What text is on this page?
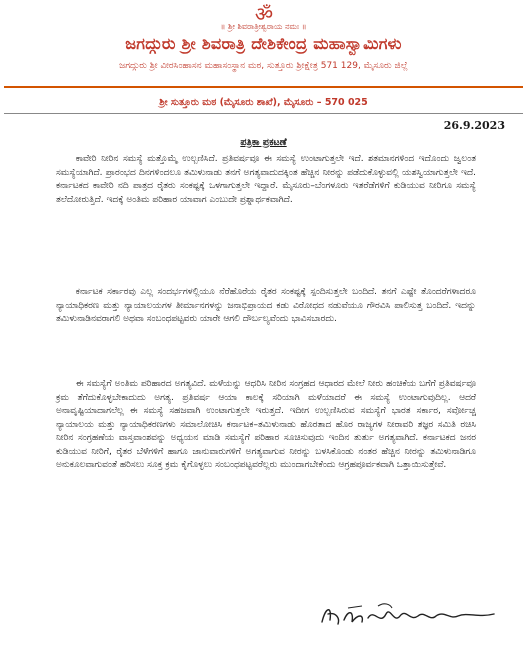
ॐ
॥ ಶ್ರೀ ಶಿವರಾತ್ರೀಶ್ವರಾಯ ನಮಃ ॥
ಜಗದ್ಗುರು ಶ್ರೀ ಶಿವರಾತ್ರಿ ದೇಶಿಕೇಂದ್ರ ಮಹಾಸ್ವಾಮಿಗಳು
ಜಗದ್ಗುರು ಶ್ರೀ ವೀರಸಿಂಹಾಸನ ಮಹಾಸಂಸ್ಥಾನ ಮಠ, ಸುತ್ತೂರು ಶ್ರೀಕ್ಷೇತ್ರ 571 129, ಮೈಸೂರು ಜಿಲ್ಲೆ
ಶ್ರೀ ಸುತ್ತೂರು ಮಠ (ಮೈಸೂರು ಶಾಖೆ), ಮೈಸೂರು – 570 025
26.9.2023
ಪತ್ರಿಕಾ ಪ್ರಕಟಣೆ

ಕಾವೇರಿ ನೀರಿನ ಸಮಸ್ಯೆ ಮತ್ತೊಮ್ಮೆ ಉಲ್ಬಣಿಸಿದೆ. ಪ್ರತಿವರ್ಷವೂ ಈ ಸಮಸ್ಯೆ ಉಂಟಾಗುತ್ತಲೇ ಇದೆ. ಶತಮಾನಗಳಿಂದ ಇದೊಂದು ಜ್ವಲಂತ ಸಮಸ್ಯೆಯಾಗಿದೆ. ಪ್ರಾರಂಭದ ದಿನಗಳಿಂದಲೂ ತಮಿಳುನಾಡು ತನಗೆ ಅಗತ್ಯವಾದುದಕ್ಕಿಂತ ಹೆಚ್ಚಿನ ನೀರನ್ನು ಪಡೆದುಕೊಳ್ಳುವಲ್ಲಿ ಯಶಸ್ವಿಯಾಗುತ್ತಲೇ ಇದೆ. ಕರ್ನಾಟಕದ ಕಾವೇರಿ ನದಿ ಪಾತ್ರದ ರೈತರು ಸಂಕಷ್ಟಕ್ಕೆ ಒಳಗಾಗುತ್ತಲೇ ಇದ್ದಾರೆ. ಮೈಸೂರು–ಬೆಂಗಳೂರು ಇತರೆಡೆಗಳಿಗೆ ಕುಡಿಯುವ ನೀರಿಗೂ ಸಮಸ್ಯೆ ತಲೆದೋರುತ್ತಿದೆ. ಇದಕ್ಕೆ ಅಂತಿಮ ಪರಿಹಾರ ಯಾವಾಗ ಎಂಬುದೇ ಪ್ರಶ್ನಾರ್ಥಕವಾಗಿದೆ.

ಕರ್ನಾಟಕ ಸರ್ಕಾರವು ಎಲ್ಲ ಸಂದರ್ಭಗಳಲ್ಲಿಯೂ ನೆರೆಹೊರೆಯ ರೈತರ ಸಂಕಷ್ಟಕ್ಕೆ ಸ್ಪಂದಿಸುತ್ತಲೇ ಬಂದಿದೆ. ತನಗೆ ಎಷ್ಟೇ ತೊಂದರೆಗಳಾದರೂ ನ್ಯಾಯಾಧಿಕರಣ ಮತ್ತು ನ್ಯಾಯಾಲಯಗಳ ತೀರ್ಮಾನಗಳನ್ನು ಜನಾಭಿಪ್ರಾಯದ ಕಡು ವಿರೋಧದ ನಡುವೆಯೂ ಗೌರವಿಸಿ ಪಾಲಿಸುತ್ತ ಬಂದಿದೆ. ಇದನ್ನು ತಮಿಳುನಾಡಿನವರಾಗಲಿ ಅಥವಾ ಸಂಬಂಧಪಟ್ಟವರು ಯಾರೇ ಆಗಲಿ ದೌರ್ಬಲ್ಯವೆಂದು ಭಾವಿಸಬಾರದು.

ಈ ಸಮಸ್ಯೆಗೆ ಅಂತಿಮ ಪರಿಹಾರದ ಅಗತ್ಯವಿದೆ. ಮಳೆಯನ್ನು ಆಧರಿಸಿ ನೀರಿನ ಸಂಗ್ರಹದ ಆಧಾರದ ಮೇಲೆ ನೀರು ಹಂಚಿಕೆಯ ಬಗೆಗೆ ಪ್ರತಿವರ್ಷವೂ ಕ್ರಮ ತೆಗೆದುಕೊಳ್ಳಬೇಕಾದುದು ಅಗತ್ಯ. ಪ್ರತಿವರ್ಷ ಆಯಾ ಕಾಲಕ್ಕೆ ಸರಿಯಾಗಿ ಮಳೆಯಾದರೆ ಈ ಸಮಸ್ಯೆ ಉಂಟಾಗುವುದಿಲ್ಲ. ಆದರೆ ಅನಾವೃಷ್ಟಿಯಾದಾಗಲೆಲ್ಲ ಈ ಸಮಸ್ಯೆ ಸಹಜವಾಗಿ ಉಂಟಾಗುತ್ತಲೇ ಇರುತ್ತದೆ. ಇದೀಗ ಉಲ್ಬಣಿಸಿರುವ ಸಮಸ್ಯೆಗೆ ಭಾರತ ಸರ್ಕಾರ, ಸರ್ವೋಚ್ಚ ನ್ಯಾಯಾಲಯ ಮತ್ತು ನ್ಯಾಯಾಧಿಕರಣಗಳು ಸಮಾಲೋಚಿಸಿ ಕರ್ನಾಟಕ–ತಮಿಳುನಾಡು ಹೊರತಾದ ಹೊರ ರಾಜ್ಯಗಳ ನೀರಾವರಿ ತಜ್ಞರ ಸಮಿತಿ ರಚಿಸಿ ನೀರಿನ ಸಂಗ್ರಹಣೆಯ ವಾಸ್ತವಾಂಶವನ್ನು ಅಧ್ಯಯನ ಮಾಡಿ ಸಮಸ್ಯೆಗೆ ಪರಿಹಾರ ಸೂಚಿಸುವುದು ಇಂದಿನ ತುರ್ತು ಅಗತ್ಯವಾಗಿದೆ. ಕರ್ನಾಟಕದ ಜನರ ಕುಡಿಯುವ ನೀರಿಗೆ, ರೈತರ ಬೆಳೆಗಳಿಗೆ ಹಾಗೂ ಜಾನುವಾರುಗಳಿಗೆ ಅಗತ್ಯವಾಗುವ ನೀರನ್ನು ಬಳಸಿಕೊಂಡು ನಂತರ ಹೆಚ್ಚಿನ ನೀರನ್ನು ತಮಿಳುನಾಡಿಗೂ ಅನುಕೂಲವಾಗುವಂತೆ ಹರಿಸಲು ಸೂಕ್ತ ಕ್ರಮ ಕೈಗೊಳ್ಳಲು ಸಂಬಂಧಪಟ್ಟವರೆಲ್ಲರು ಮುಂದಾಗಬೇಕೆಂದು ಆಗ್ರಹಪೂರ್ವಕವಾಗಿ ಒತ್ತಾಯಿಸುತ್ತೇವೆ.
